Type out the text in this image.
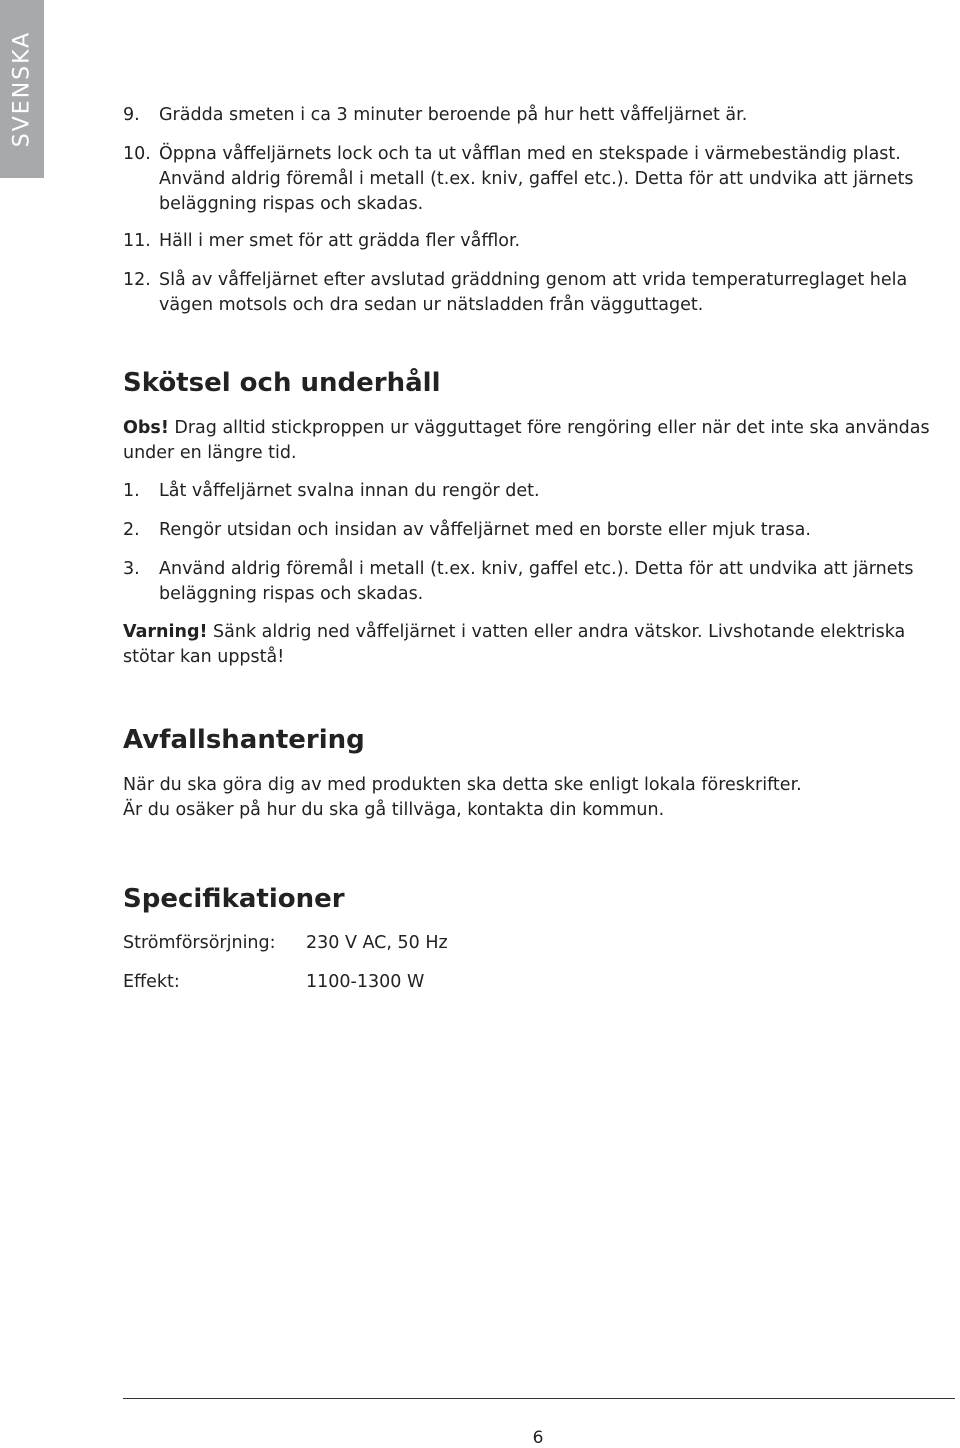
SVENSKA	9. Grädda smeten i ca 3 minuter beroende på hur hett våffeljärnet är.
10. Öppna våffeljärnets lock och ta ut våfflan med en stekspade i värmebeständig plast. Använd aldrig föremål i metall (t.ex. kniv, gaffel etc.). Detta för att undvika att järnets beläggning rispas och skadas.
11. Häll i mer smet för att grädda fler våfflor.
12. Slå av våffeljärnet efter avslutad gräddning genom att vrida temperaturreglaget hela vägen motsols och dra sedan ur nätsladden från vägguttaget.
Skötsel och underhåll
Obs! Drag alltid stickproppen ur vägguttaget före rengöring eller när det inte ska användas under en längre tid.
1. Låt våffeljärnet svalna innan du rengör det.
2. Rengör utsidan och insidan av våffeljärnet med en borste eller mjuk trasa.
3. Använd aldrig föremål i metall (t.ex. kniv, gaffel etc.). Detta för att undvika att järnets beläggning rispas och skadas.
Varning! Sänk aldrig ned våffeljärnet i vatten eller andra vätskor. Livshotande elektriska stötar kan uppstå!
Avfallshantering
När du ska göra dig av med produkten ska detta ske enligt lokala föreskrifter.
Är du osäker på hur du ska gå tillväga, kontakta din kommun.
Specifikationer
Strömförsörjning: 230 V AC, 50 Hz
Effekt:	1100-1300 W
6
